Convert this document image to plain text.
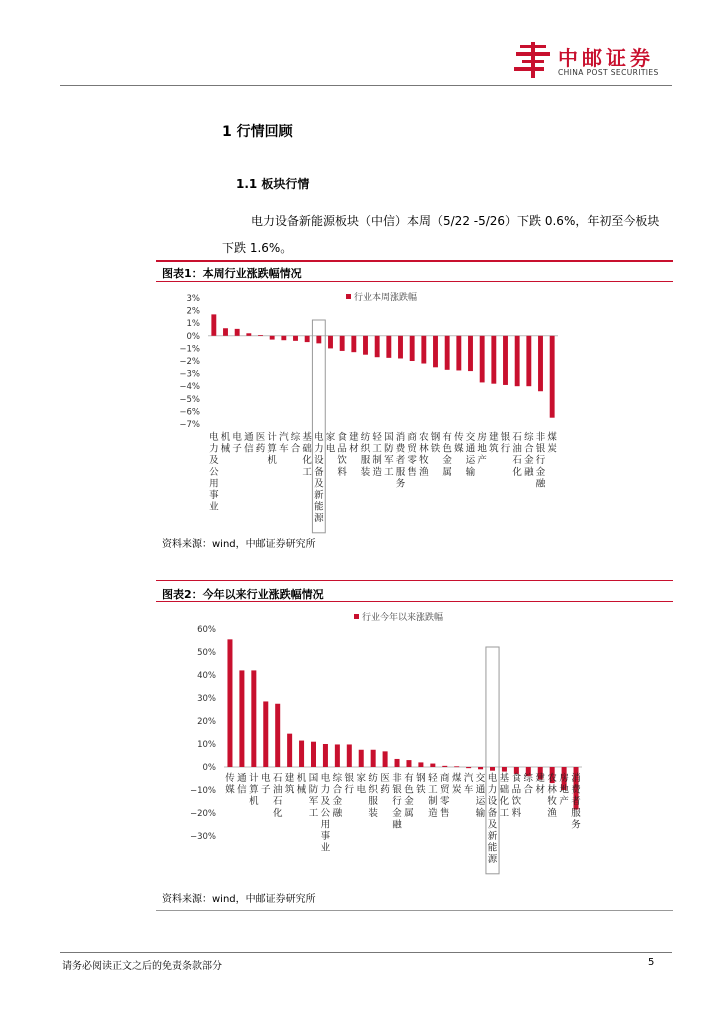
中邮证券
CHINA POST SECURITIES
1 行情回顾
1.1 板块行情
电力设备新能源板块（中信）本周（5/22 -5/26）下跌 0.6%，年初至今板块
下跌 1.6%。
图表1：本周行业涨跌幅情况
资料来源：wind，中邮证券研究所
3%
2%
1%
0%
−1%
−2%
−3%
−4%
−5%
−6%
−7%
行业本周涨跌幅
电
力
及
公
用
事
业
机
械
电
子
通
信
医
药
计
算
机
汽
车
综
合
基
础
化
工
电
力
设
备
及
新
能
源
家
电
食
品
饮
料
建
材
纺
织
服
装
轻
工
制
造
国
防
军
工
消
费
者
服
务
商
贸
零
售
农
林
牧
渔
钢
铁
有
色
金
属
传
媒
交
通
运
输
房
地
产
建
筑
银
行
石
油
石
化
综
合
金
融
非
银
行
金
融
煤
炭
图表2：今年以来行业涨跌幅情况
资料来源：wind，中邮证券研究所
60%
50%
40%
30%
20%
10%
0%
−10%
−20%
−30%
行业今年以来涨跌幅
传
媒
通
信
计
算
机
电
子
石
油
石
化
建
筑
机
械
国
防
军
工
电
力
及
公
用
事
业
综
合
金
融
银
行
家
电
纺
织
服
装
医
药
非
银
行
金
融
有
色
金
属
钢
铁
轻
工
制
造
商
贸
零
售
煤
炭
汽
车
交
通
运
输
电
力
设
备
及
新
能
源
基
础
化
工
食
品
饮
料
综
合
建
材
农
林
牧
渔
房
地
产
消
费
者
服
务
请务必阅读正文之后的免责条款部分	5
